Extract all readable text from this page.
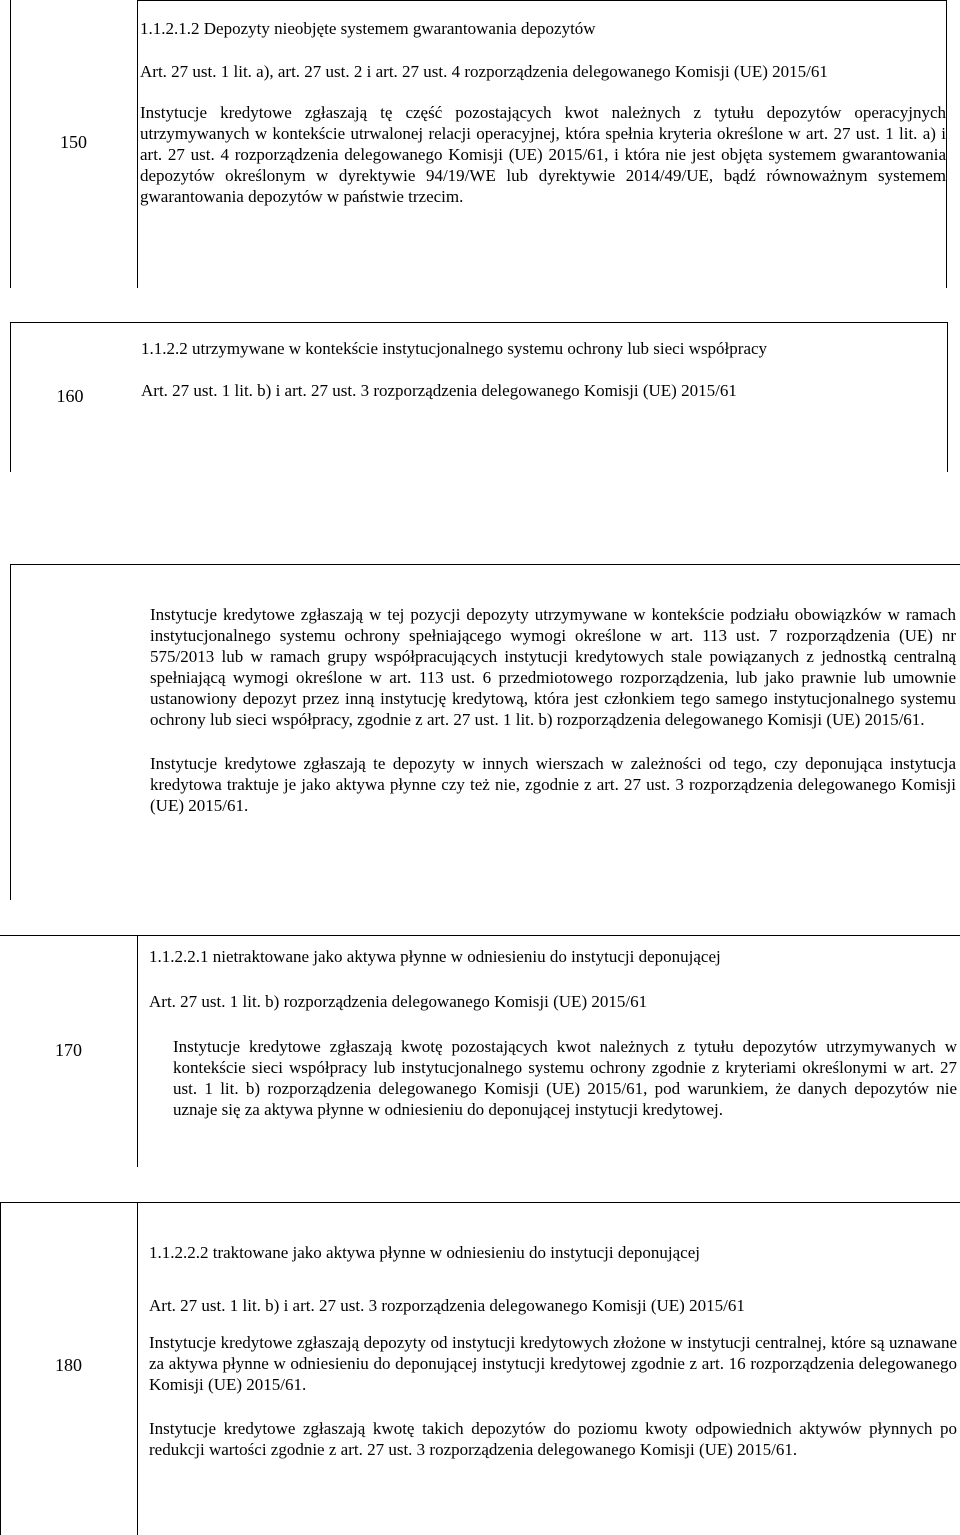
150

1.1.2.1.2 Depozyty nieobjęte systemem gwarantowania depozytów

Art. 27 ust. 1 lit. a), art. 27 ust. 2 i art. 27 ust. 4 rozporządzenia delegowanego Komisji (UE) 2015/61

Instytucje kredytowe zgłaszają tę część pozostających kwot należnych z tytułu depozytów operacyjnych utrzymywanych w kontekście utrwalonej relacji operacyjnej, która spełnia kryteria określone w art. 27 ust. 1 lit. a) i art. 27 ust. 4 rozporządzenia delegowanego Komisji (UE) 2015/61, i która nie jest objęta systemem gwarantowania depozytów określonym w dyrektywie 94/19/WE lub dyrektywie 2014/49/UE, bądź równoważnym systemem gwarantowania depozytów w państwie trzecim.

160

1.1.2.2 utrzymywane w kontekście instytucjonalnego systemu ochrony lub sieci współpracy

Art. 27 ust. 1 lit. b) i art. 27 ust. 3 rozporządzenia delegowanego Komisji (UE) 2015/61

Instytucje kredytowe zgłaszają w tej pozycji depozyty utrzymywane w kontekście podziału obowiązków w ramach instytucjonalnego systemu ochrony spełniającego wymogi określone w art. 113 ust. 7 rozporządzenia (UE) nr 575/2013 lub w ramach grupy współpracujących instytucji kredytowych stale powiązanych z jednostką centralną spełniającą wymogi określone w art. 113 ust. 6 przedmiotowego rozporządzenia, lub jako prawnie lub umownie ustanowiony depozyt przez inną instytucję kredytową, która jest członkiem tego samego instytucjonalnego systemu ochrony lub sieci współpracy, zgodnie z art. 27 ust. 1 lit. b) rozporządzenia delegowanego Komisji (UE) 2015/61.

Instytucje kredytowe zgłaszają te depozyty w innych wierszach w zależności od tego, czy deponująca instytucja kredytowa traktuje je jako aktywa płynne czy też nie, zgodnie z art. 27 ust. 3 rozporządzenia delegowanego Komisji (UE) 2015/61.

170

1.1.2.2.1 nietraktowane jako aktywa płynne w odniesieniu do instytucji deponującej

Art. 27 ust. 1 lit. b) rozporządzenia delegowanego Komisji (UE) 2015/61

Instytucje kredytowe zgłaszają kwotę pozostających kwot należnych z tytułu depozytów utrzymywanych w kontekście sieci współpracy lub instytucjonalnego systemu ochrony zgodnie z kryteriami określonymi w art. 27 ust. 1 lit. b) rozporządzenia delegowanego Komisji (UE) 2015/61, pod warunkiem, że danych depozytów nie uznaje się za aktywa płynne w odniesieniu do deponującej instytucji kredytowej.

180

1.1.2.2.2 traktowane jako aktywa płynne w odniesieniu do instytucji deponującej

Art. 27 ust. 1 lit. b) i art. 27 ust. 3 rozporządzenia delegowanego Komisji (UE) 2015/61

Instytucje kredytowe zgłaszają depozyty od instytucji kredytowych złożone w instytucji centralnej, które są uznawane za aktywa płynne w odniesieniu do deponującej instytucji kredytowej zgodnie z art. 16 rozporządzenia delegowanego Komisji (UE) 2015/61.

Instytucje kredytowe zgłaszają kwotę takich depozytów do poziomu kwoty odpowiednich aktywów płynnych po redukcji wartości zgodnie z art. 27 ust. 3 rozporządzenia delegowanego Komisji (UE) 2015/61.
